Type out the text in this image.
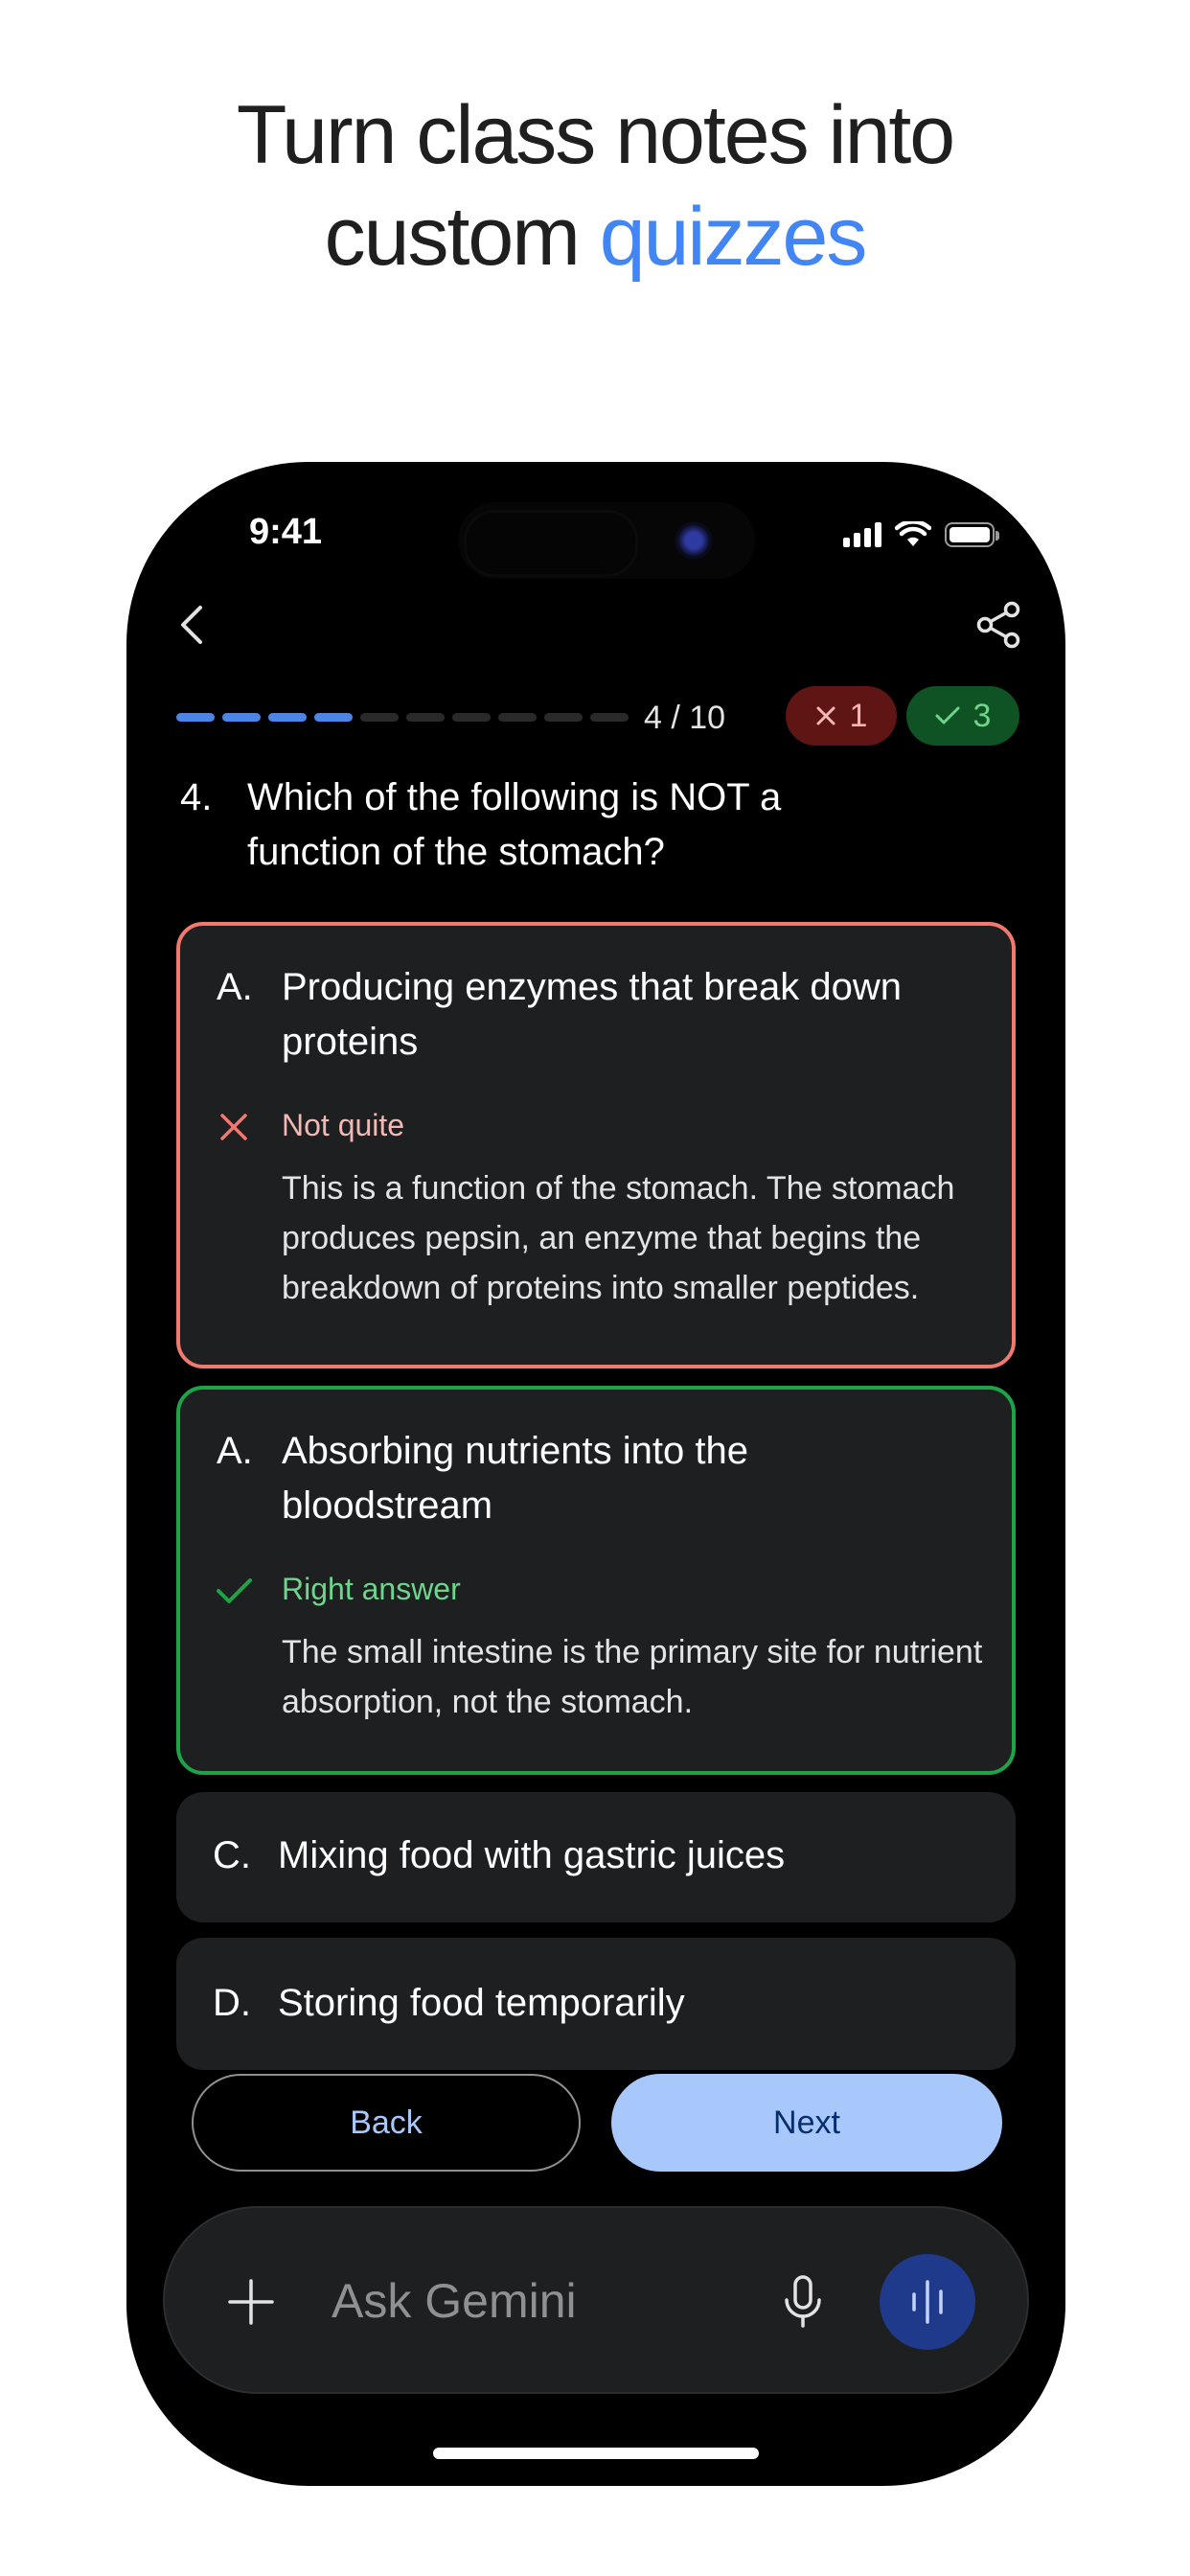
Turn class notes into
custom quizzes
9:41
4 / 10	1	3
4. Which of the following is NOT a function of the stomach?
A. Producing enzymes that break down proteins
Not quite
This is a function of the stomach. The stomach produces pepsin, an enzyme that begins the breakdown of proteins into smaller peptides.
A. Absorbing nutrients into the bloodstream
Right answer
The small intestine is the primary site for nutrient absorption, not the stomach.
C. Mixing food with gastric juices
D. Storing food temporarily
Back	Next
Ask Gemini
